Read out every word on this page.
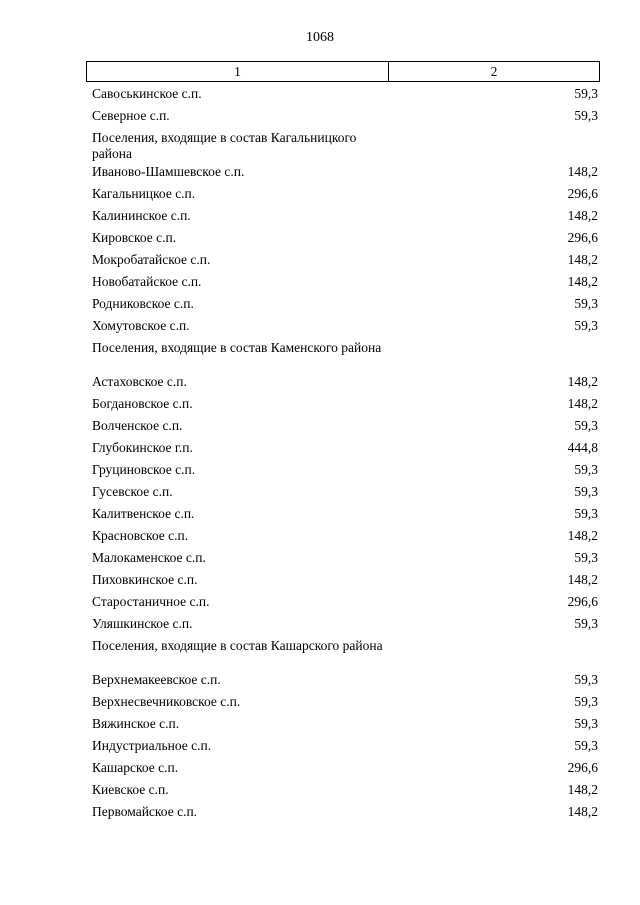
1068
1	2
Савоськинское с.п.	59,3
Северное с.п.	59,3
Поселения, входящие в состав Кагальницкого района
Иваново-Шамшевское с.п.	148,2
Кагальницкое с.п.	296,6
Калининское с.п.	148,2
Кировское с.п.	296,6
Мокробатайское с.п.	148,2
Новобатайское с.п.	148,2
Родниковское с.п.	59,3
Хомутовское с.п.	59,3
Поселения, входящие в состав Каменского района
Астаховское с.п.	148,2
Богдановское с.п.	148,2
Волченское с.п.	59,3
Глубокинское г.п.	444,8
Груциновское с.п.	59,3
Гусевское с.п.	59,3
Калитвенское с.п.	59,3
Красновское с.п.	148,2
Малокаменское с.п.	59,3
Пиховкинское с.п.	148,2
Старостаничное с.п.	296,6
Уляшкинское с.п.	59,3
Поселения, входящие в состав Кашарского района
Верхнемакеевское с.п.	59,3
Верхнесвечниковское с.п.	59,3
Вяжинское с.п.	59,3
Индустриальное с.п.	59,3
Кашарское с.п.	296,6
Киевское с.п.	148,2
Первомайское с.п.	148,2
